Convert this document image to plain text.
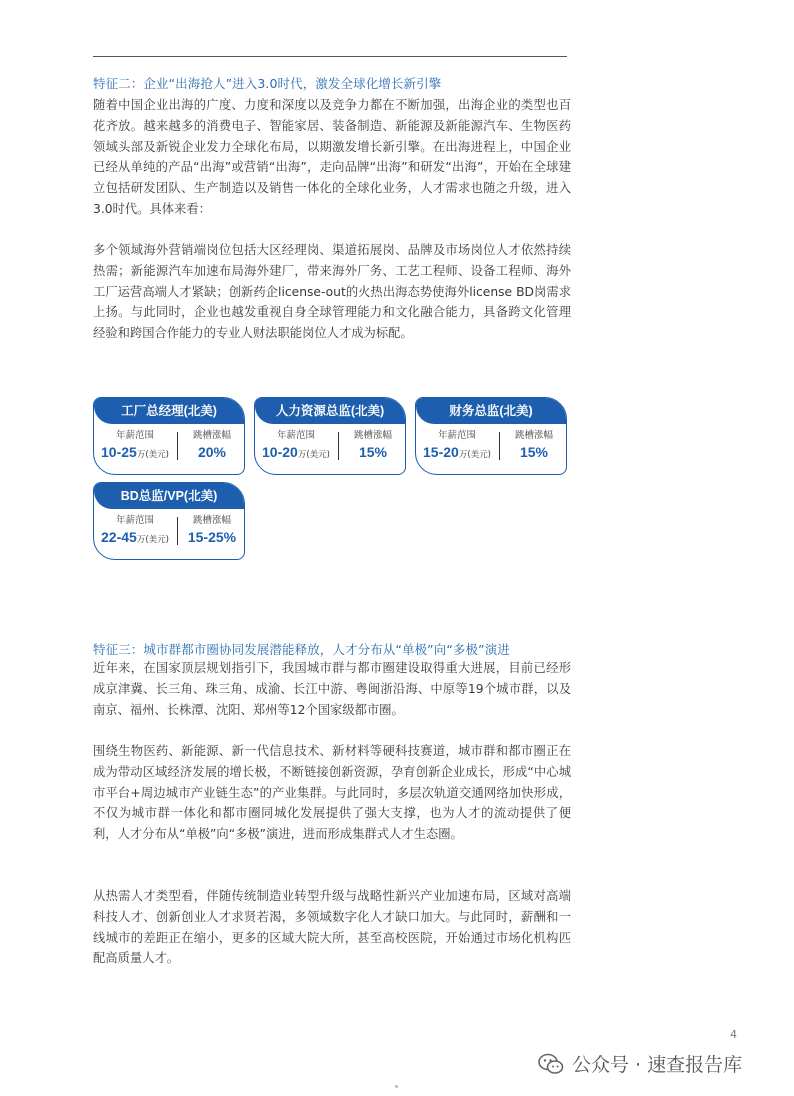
特征二：企业“出海抢人”进入3.0时代，激发全球化增长新引擎
随着中国企业出海的广度、力度和深度以及竞争力都在不断加强，出海企业的类型也百花齐放。越来越多的消费电子、智能家居、装备制造、新能源及新能源汽车、生物医药领域头部及新锐企业发力全球化布局，以期激发增长新引擎。在出海进程上，中国企业已经从单纯的产品“出海”或营销“出海”，走向品牌“出海”和研发“出海”，开始在全球建立包括研发团队、生产制造以及销售一体化的全球化业务，人才需求也随之升级，进入3.0时代。具体来看：
多个领域海外营销端岗位包括大区经理岗、渠道拓展岗、品牌及市场岗位人才依然持续热需；新能源汽车加速布局海外建厂，带来海外厂务、工艺工程师、设备工程师、海外工厂运营高端人才紧缺；创新药企license-out的火热出海态势使海外license BD岗需求上扬。与此同时，企业也越发重视自身全球管理能力和文化融合能力，具备跨文化管理经验和跨国合作能力的专业人财法职能岗位人才成为标配。
工厂总经理(北美)
年薪范围
10-25万(美元)
跳槽涨幅
20%
人力资源总监(北美)
年薪范围
10-20万(美元)
跳槽涨幅
15%
财务总监(北美)
年薪范围
15-20万(美元)
跳槽涨幅
15%
BD总监/VP(北美)
年薪范围
22-45万(美元)
跳槽涨幅
15-25%
特征三：城市群都市圈协同发展潜能释放，人才分布从“单极”向“多极”演进
近年来，在国家顶层规划指引下，我国城市群与都市圈建设取得重大进展，目前已经形成京津冀、长三角、珠三角、成渝、长江中游、粤闽浙沿海、中原等19个城市群，以及南京、福州、长株潭、沈阳、郑州等12个国家级都市圈。
围绕生物医药、新能源、新一代信息技术、新材料等硬科技赛道，城市群和都市圈正在成为带动区域经济发展的增长极，不断链接创新资源，孕育创新企业成长，形成“中心城市平台+周边城市产业链生态”的产业集群。与此同时，多层次轨道交通网络加快形成，不仅为城市群一体化和都市圈同城化发展提供了强大支撑，也为人才的流动提供了便利，人才分布从“单极”向“多极”演进，进而形成集群式人才生态圈。
从热需人才类型看，伴随传统制造业转型升级与战略性新兴产业加速布局，区域对高端科技人才、创新创业人才求贤若渴，多领域数字化人才缺口加大。与此同时，薪酬和一线城市的差距正在缩小，更多的区域大院大所，甚至高校医院，开始通过市场化机构匹配高质量人才。
4
公众号 · 速查报告库
